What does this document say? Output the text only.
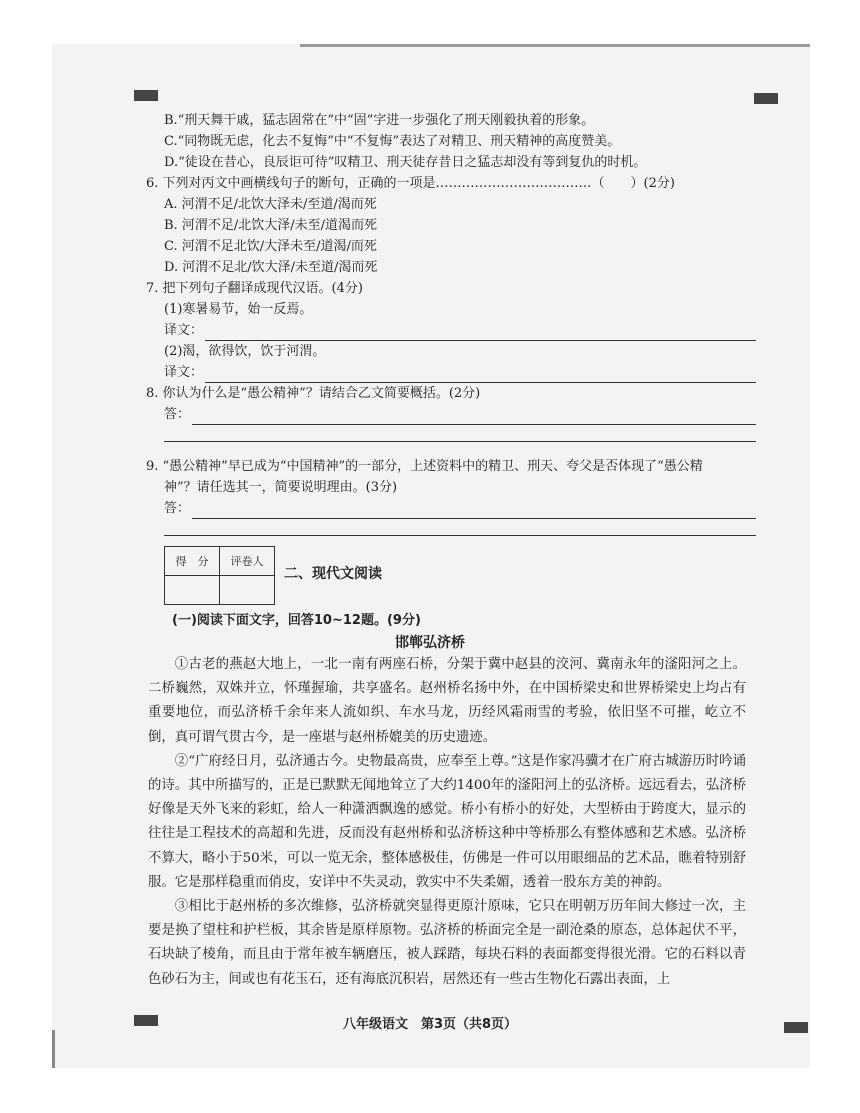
B.“刑天舞干戚，猛志固常在”中“固”字进一步强化了刑天刚毅执着的形象。
C.“同物既无虑，化去不复悔”中“不复悔”表达了对精卫、刑天精神的高度赞美。
D.“徒设在昔心，良辰讵可待”叹精卫、刑天徒存昔日之猛志却没有等到复仇的时机。
6. 下列对丙文中画横线句子的断句，正确的一项是………………………………（　　）(2分)
A. 河渭不足/北饮大泽未/至道/渴而死
B. 河渭不足/北饮大泽/未至/道渴而死
C. 河渭不足北饮/大泽未至/道渴/而死
D. 河渭不足北/饮大泽/未至道/渴而死
7. 把下列句子翻译成现代汉语。(4分)
(1)寒暑易节，始一反焉。
译文：
(2)渴，欲得饮，饮于河渭。
译文：
8. 你认为什么是“愚公精神”？请结合乙文简要概括。(2分)
答：
9. “愚公精神”早已成为“中国精神”的一部分，上述资料中的精卫、刑天、夸父是否体现了“愚公精
神”？请任选其一，简要说明理由。(3分)
答：
得　分	评卷人

二、现代文阅读
(一)阅读下面文字，回答10~12题。(9分)
邯郸弘济桥

①古老的燕赵大地上，一北一南有两座石桥，分架于冀中赵县的洨河、冀南永年的滏阳河之上。二桥巍然，双姝并立，怀瑾握瑜，共享盛名。赵州桥名扬中外，在中国桥梁史和世界桥梁史上均占有重要地位，而弘济桥千余年来人流如织、车水马龙，历经风霜雨雪的考验，依旧坚不可摧，屹立不倒，真可谓气贯古今，是一座堪与赵州桥媲美的历史遗迹。

②“广府经日月，弘济通古今。史物最高贵，应奉至上尊。”这是作家冯骥才在广府古城游历时吟诵的诗。其中所描写的，正是已默默无闻地耸立了大约1400年的滏阳河上的弘济桥。远远看去，弘济桥好像是天外飞来的彩虹，给人一种潇洒飘逸的感觉。桥小有桥小的好处，大型桥由于跨度大，显示的往往是工程技术的高超和先进，反而没有赵州桥和弘济桥这种中等桥那么有整体感和艺术感。弘济桥不算大，略小于50米，可以一览无余，整体感极佳，仿佛是一件可以用眼细品的艺术品，瞧着特别舒服。它是那样稳重而俏皮，安详中不失灵动，敦实中不失柔媚，透着一股东方美的神韵。

③相比于赵州桥的多次维修，弘济桥就突显得更原汁原味，它只在明朝万历年间大修过一次，主要是换了望柱和护栏板，其余皆是原样原物。弘济桥的桥面完全是一副沧桑的原态，总体起伏不平，石块缺了棱角，而且由于常年被车辆磨压，被人踩踏，每块石料的表面都变得很光滑。它的石料以青色砂石为主，间或也有花玉石，还有海底沉积岩，居然还有一些古生物化石露出表面，上

八年级语文　第3页（共8页）
